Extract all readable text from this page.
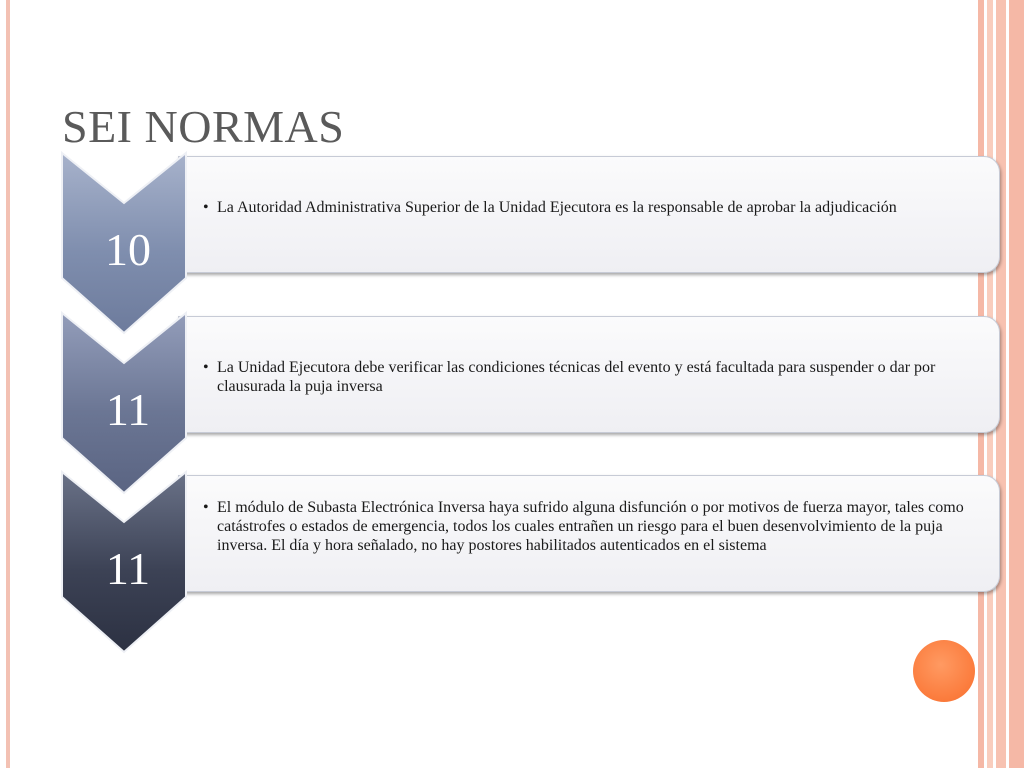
SEI NORMAS
• La Autoridad Administrativa Superior de la Unidad Ejecutora es la responsable de aprobar la adjudicación
10
• La Unidad Ejecutora debe verificar las condiciones técnicas del evento y está facultada para suspender o dar por clausurada la puja inversa
11
• El módulo de Subasta Electrónica Inversa haya sufrido alguna disfunción o por motivos de fuerza mayor, tales como catástrofes o estados de emergencia, todos los cuales entrañen un riesgo para el buen desenvolvimiento de la puja inversa. El día y hora señalado, no hay postores habilitados autenticados en el sistema
11
